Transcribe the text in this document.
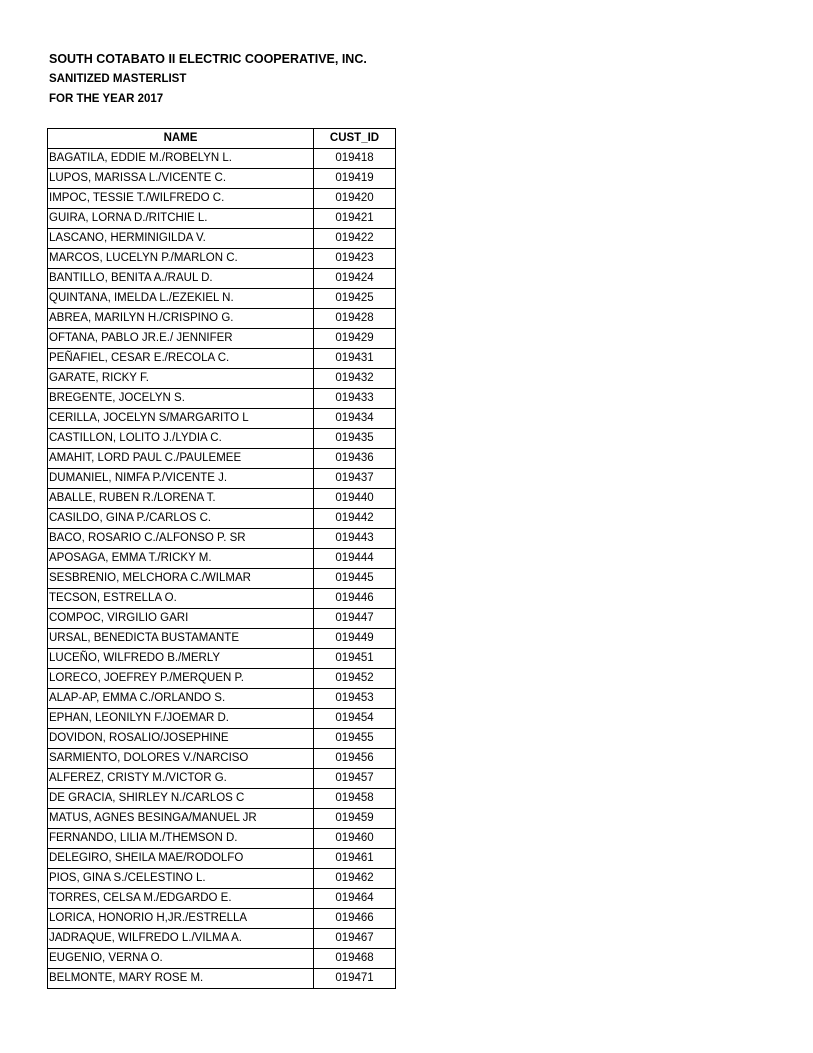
SOUTH COTABATO II ELECTRIC COOPERATIVE, INC.
SANITIZED MASTERLIST
FOR THE YEAR 2017
NAME	CUST_ID
BAGATILA, EDDIE M./ROBELYN L.	019418
LUPOS, MARISSA L./VICENTE C.	019419
IMPOC, TESSIE T./WILFREDO C.	019420
GUIRA, LORNA D./RITCHIE L.	019421
LASCANO, HERMINIGILDA V.	019422
MARCOS, LUCELYN P./MARLON C.	019423
BANTILLO, BENITA A./RAUL D.	019424
QUINTANA, IMELDA L./EZEKIEL N.	019425
ABREA, MARILYN H./CRISPINO G.	019428
OFTANA, PABLO JR.E./ JENNIFER	019429
PEÑAFIEL, CESAR E./RECOLA C.	019431
GARATE, RICKY F.	019432
BREGENTE, JOCELYN S.	019433
CERILLA, JOCELYN S/MARGARITO L	019434
CASTILLON, LOLITO J./LYDIA C.	019435
AMAHIT, LORD PAUL C./PAULEMEE	019436
DUMANIEL, NIMFA P./VICENTE J.	019437
ABALLE, RUBEN R./LORENA T.	019440
CASILDO, GINA P./CARLOS C.	019442
BACO, ROSARIO C./ALFONSO P. SR	019443
APOSAGA, EMMA T./RICKY M.	019444
SESBRENIO, MELCHORA C./WILMAR	019445
TECSON, ESTRELLA O.	019446
COMPOC, VIRGILIO GARI	019447
URSAL, BENEDICTA BUSTAMANTE	019449
LUCEÑO, WILFREDO B./MERLY	019451
LORECO, JOEFREY P./MERQUEN P.	019452
ALAP-AP, EMMA C./ORLANDO S.	019453
EPHAN, LEONILYN F./JOEMAR D.	019454
DOVIDON, ROSALIO/JOSEPHINE	019455
SARMIENTO, DOLORES V./NARCISO	019456
ALFEREZ, CRISTY M./VICTOR G.	019457
DE GRACIA, SHIRLEY N./CARLOS C	019458
MATUS, AGNES BESINGA/MANUEL JR	019459
FERNANDO, LILIA M./THEMSON D.	019460
DELEGIRO, SHEILA MAE/RODOLFO	019461
PIOS, GINA S./CELESTINO L.	019462
TORRES, CELSA M./EDGARDO E.	019464
LORICA, HONORIO H,JR./ESTRELLA	019466
JADRAQUE, WILFREDO L./VILMA A.	019467
EUGENIO, VERNA O.	019468
BELMONTE, MARY ROSE M.	019471
